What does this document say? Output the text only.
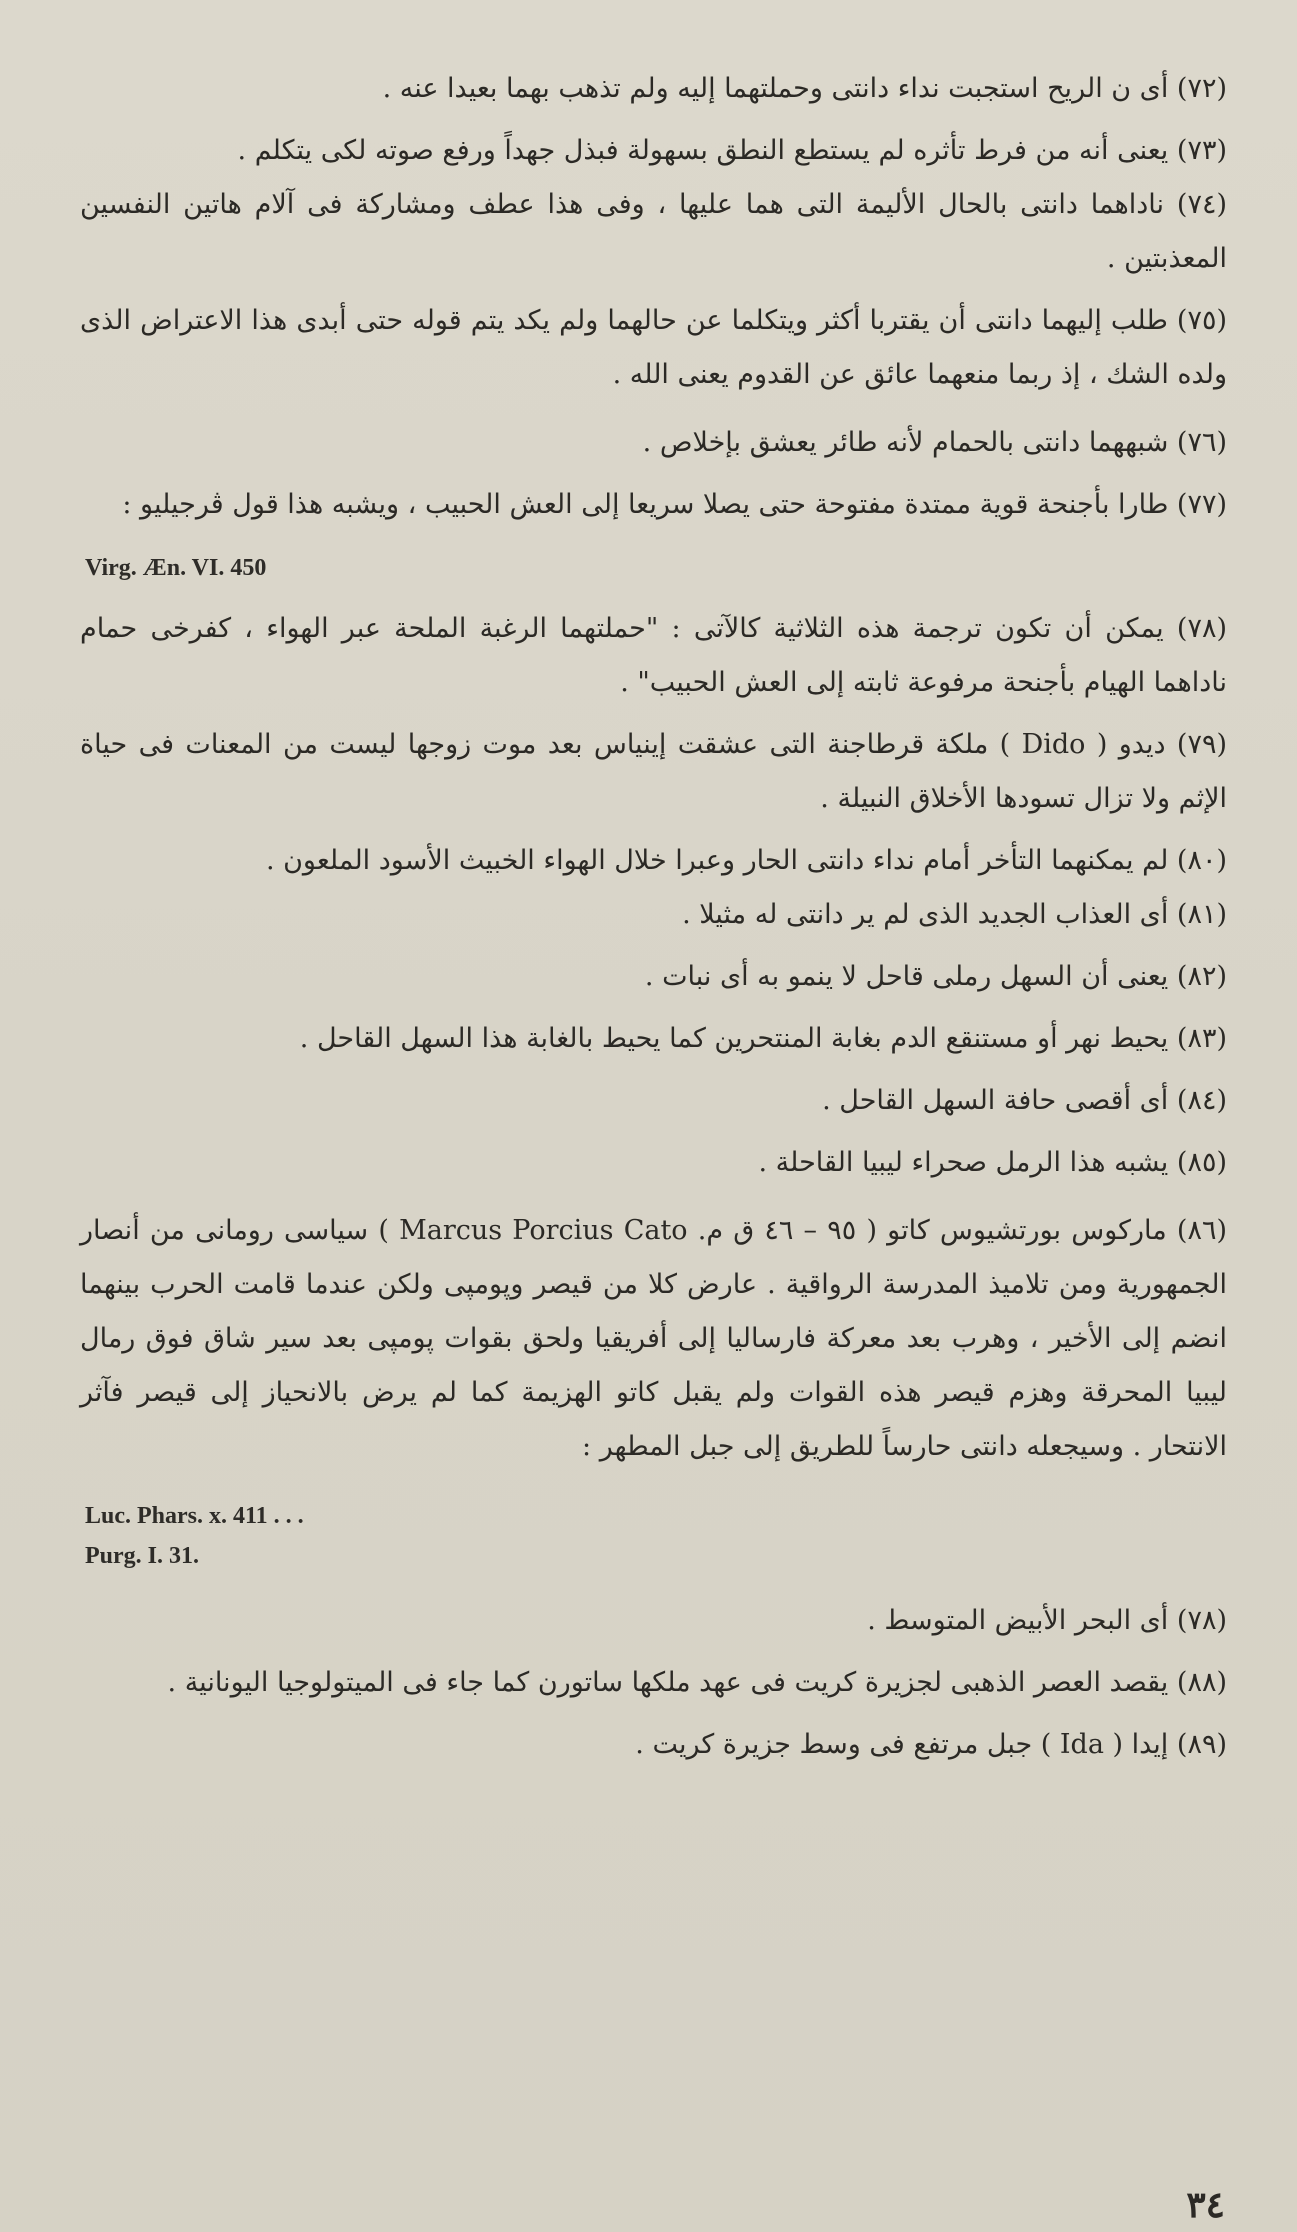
(٧٢) أى ن الريح استجبت نداء دانتى وحملتهما إليه ولم تذهب بهما بعيدا عنه .

(٧٣) يعنى أنه من فرط تأثره لم يستطع النطق بسهولة فبذل جهداً ورفع صوته لكى يتكلم .

(٧٤) ناداهما دانتى بالحال الأليمة التى هما عليها ، وفى هذا عطف ومشاركة فى آلام هاتين النفسين المعذبتين .

(٧٥) طلب إليهما دانتى أن يقتربا أكثر ويتكلما عن حالهما ولم يكد يتم قوله حتى أبدى هذا الاعتراض الذى ولده الشك ، إذ ربما منعهما عائق عن القدوم يعنى الله .

(٧٦) شبههما دانتى بالحمام لأنه طائر يعشق بإخلاص .

(٧٧) طارا بأجنحة قوية ممتدة مفتوحة حتى يصلا سريعا إلى العش الحبيب ، ويشبه هذا قول ڤرجيليو :

Virg. Æn. VI. 450

(٧٨) يمكن أن تكون ترجمة هذه الثلاثية كالآتى : "حملتهما الرغبة الملحة عبر الهواء ، كفرخى حمام ناداهما الهيام بأجنحة مرفوعة ثابته إلى العش الحبيب" .

(٧٩) ديدو ( Dido ) ملكة قرطاجنة التى عشقت إينياس بعد موت زوجها ليست من المعنات فى حياة الإثم ولا تزال تسودها الأخلاق النبيلة .

(٨٠) لم يمكنهما التأخر أمام نداء دانتى الحار وعبرا خلال الهواء الخبيث الأسود الملعون .

(٨١) أى العذاب الجديد الذى لم ير دانتى له مثيلا .

(٨٢) يعنى أن السهل رملى قاحل لا ينمو به أى نبات .

(٨٣) يحيط نهر أو مستنقع الدم بغابة المنتحرين كما يحيط بالغابة هذا السهل القاحل .

(٨٤) أى أقصى حافة السهل القاحل .

(٨٥) يشبه هذا الرمل صحراء ليبيا القاحلة .

(٨٦) ماركوس بورتشيوس كاتو ( ٩٥ – ٤٦ ق م. Marcus Porcius Cato ) سياسى رومانى من أنصار الجمهورية ومن تلاميذ المدرسة الرواقية . عارض كلا من قيصر وپومپى ولكن عندما قامت الحرب بينهما انضم إلى الأخير ، وهرب بعد معركة فارساليا إلى أفريقيا ولحق بقوات پومپى بعد سير شاق فوق رمال ليبيا المحرقة وهزم قيصر هذه القوات ولم يقبل كاتو الهزيمة كما لم يرض بالانحياز إلى قيصر فآثر الانتحار . وسيجعله دانتى حارساً للطريق إلى جبل المطهر :

Luc. Phars. x. 411 . . .

Purg. I. 31.

(٧٨) أى البحر الأبيض المتوسط .

(٨٨) يقصد العصر الذهبى لجزيرة كريت فى عهد ملكها ساتورن كما جاء فى الميتولوجيا اليونانية .

(٨٩) إيدا ( Ida ) جبل مرتفع فى وسط جزيرة كريت .

٣٤
